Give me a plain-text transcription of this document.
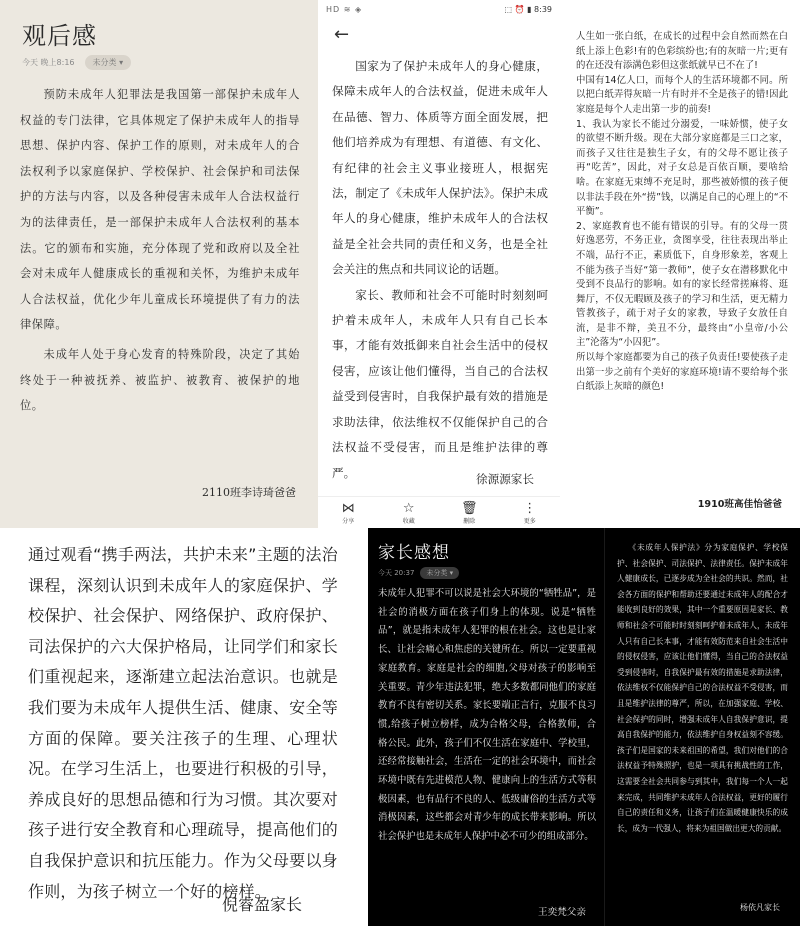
观后感
今天 晚上8:16	未分类 ▾

预防未成年人犯罪法是我国第一部保护未成年人权益的专门法律，它具体规定了保护未成年人的指导思想、保护内容、保护工作的原则，对未成年人的合法权利予以家庭保护、学校保护、社会保护和司法保护的方法与内容，以及各种侵害未成年人合法权益行为的法律责任，是一部保护未成年人合法权利的基本法。它的颁布和实施，充分体现了党和政府以及全社会对未成年人健康成长的重视和关怀，为维护未成年人合法权益，优化少年儿童成长环境提供了有力的法律保障。

未成年人处于身心发育的特殊阶段，决定了其始终处于一种被抚养、被监护、被教育、被保护的地位。

2110班李诗琦爸爸
HD ≋ ◈	⬚ ⏰ ▮ 8:39
←

国家为了保护未成年人的身心健康，保障未成年人的合法权益，促进未成年人在品德、智力、体质等方面全面发展，把他们培养成为有理想、有道德、有文化、有纪律的社会主义事业接班人，根据宪法，制定了《未成年人保护法》。保护未成年人的身心健康，维护未成年人的合法权益是全社会共同的责任和义务，也是全社会关注的焦点和共同议论的话题。

家长、教师和社会不可能时时刻刻呵护着未成年人，未成年人只有自己长本事，才能有效抵御来自社会生活中的侵权侵害，应该让他们懂得，当自己的合法权益受到侵害时，自我保护最有效的措施是求助法律，依法维权不仅能保护自己的合法权益不受侵害，而且是维护法律的尊严。	徐源源家长
⋈
分享
☆
收藏
🗑
删除
⋮
更多

人生如一张白纸，在成长的过程中会自然而然在白纸上添上色彩!有的色彩缤纷也;有的灰暗一片;更有的在还没有添满色彩但这张纸就早已不在了!

中国有14亿人口，而每个人的生活环境都不同。所以把白纸弄得灰暗一片有时并不全是孩子的错!因此家庭是每个人走出第一步的前奏!

1、我认为家长不能过分溺爱，一味娇惯，使子女的欲望不断升级。现在大部分家庭都是三口之家，而孩子又往往是独生子女，有的父母不愿让孩子再“吃苦”，因此，对子女总是百依百顺，要啥给啥。在家庭无束缚不充足时，那些被娇惯的孩子便以非法手段在外“捞”钱，以满足自己的心理上的“不平衡”。

2、家庭教育也不能有错误的引导。有的父母一贯好逸恶劳，不务正业，贪图享受，往往表现出举止不端，品行不正，素质低下，自身形象差，客观上不能为孩子当好“第一教师”，使子女在潜移默化中受到不良品行的影响。如有的家长经常搓麻将、逛舞厅，不仅无暇顾及孩子的学习和生活，更无精力管教孩子，疏于对子女的家教，导致子女放任自流，是非不辩，美丑不分，最终由“小皇帝/小公主”沦落为“小囚犯”。

所以每个家庭都要为自己的孩子负责任!要使孩子走出第一步之前有个美好的家庭环境!请不要给每个张白纸添上灰暗的颜色!

1910班高佳怡爸爸
通过观看“携手两法，共护未来”主题的法治课程，深刻认识到未成年人的家庭保护、学校保护、社会保护、网络保护、政府保护、司法保护的六大保护格局，让同学们和家长们重视起来，逐渐建立起法治意识。也就是我们要为未成年人提供生活、健康、安全等方面的保障。要关注孩子的生理、心理状况。在学习生活上，也要进行积极的引导，养成良好的思想品德和行为习惯。其次要对孩子进行安全教育和心理疏导，提高他们的自我保护意识和抗压能力。作为父母要以身作则，为孩子树立一个好的榜样。
倪睿盈家长
家长感想
今天 20:37	未分类 ▾
未成年人犯罪不可以说是社会大环境的“牺牲品”，是社会的消极方面在孩子们身上的体现。说是“牺牲品”，就是指未成年人犯罪的根在社会。这也是让家长、让社会痛心和焦虑的关键所在。所以一定要重视家庭教育。家庭是社会的细胞,父母对孩子的影响至关重要。青少年违法犯罪，绝大多数都同他们的家庭教育不良有密切关系。家长要端正言行，克服不良习惯,给孩子树立榜样，成为合格父母，合格教师，合格公民。此外，孩子们不仅生活在家庭中、学校里，还经常接触社会，生活在一定的社会环境中，而社会环境中既有先进模范人物、健康向上的生活方式等积极因素，也有品行不良的人、低级庸俗的生活方式等消极因素，这些都会对青少年的成长带来影响。所以社会保护也是未成年人保护中必不可少的组成部分。
王奕梵父亲
《未成年人保护法》分为家庭保护、学校保护、社会保护、司法保护、法律责任。保护未成年人健康成长，已逐步成为全社会的共识。然而，社会各方面的保护和帮助还要通过未成年人的配合才能收到良好的效果，其中一个重要原因是家长、教师和社会不可能时时刻刻呵护着未成年人，未成年人只有自己长本事，才能有效防范来自社会生活中的侵权侵害，应该让他们懂得，当自己的合法权益受到侵害时，自我保护最有效的措施是求助法律，依法维权不仅能保护自己的合法权益不受侵害，而且是维护法律的尊严，所以，在加强家庭、学校、社会保护的同时，增强未成年人自我保护意识，提高自我保护的能力，依法维护自身权益刻不容缓。孩子们是国家的未来祖国的希望，我们对他们的合法权益予特殊照护，也是一项具有挑战性的工作，这需要全社会共同参与到其中，我们每一个人一起来完成，共同维护未成年人合法权益，更好的履行自己的责任和义务，让孩子们在温暖健康快乐的成长，成为一代强人，将来为祖国做出更大的贡献。
杨依凡家长
